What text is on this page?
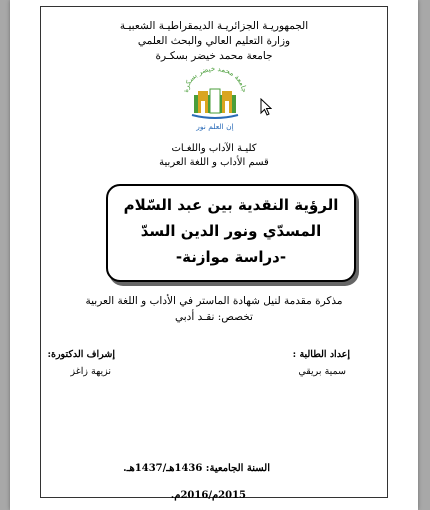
الجمهوريـة الجزائريـة الديمقراطيـة الشعبيـة
وزارة التعليم العالي والبحث العلمي
جامعة محمد خيضر بسكـرة
جامعة محمد خيضر بسكرة
إن العلم نور
كليـة الآداب واللغـات
قسم الأداب و اللغة العربية
الرؤية النقدية بين عبد السّلام
المسدّي ونور الدين السدّ
-دراسة موازنة-
مذكرة مقدمة لنيل شهادة الماستر في الأداب و اللغة العربية
تخصص: نقـد أدبي
إعداد الطالبة :
سمية بريقي
إشراف الدكتورة:
نزيهة زاغز
السنة الجامعية: 1436هـ/1437هـ.
2015م/2016م.
